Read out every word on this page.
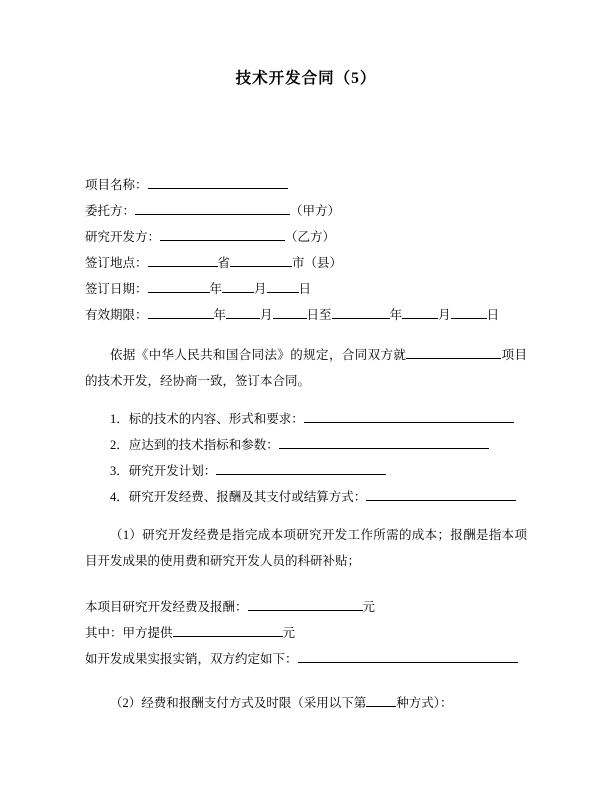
技术开发合同（5）
项目名称：
委托方：	（甲方）
研究开发方：	（乙方）
签订地点：	省	市（县）
签订日期：	年	月	日
有效期限：	年	月	日至	年	月	日

依据《中华人民共和国合同法》的规定，合同双方就	项目的技术开发，经协商一致，签订本合同。

1．标的技术的内容、形式和要求：
2．应达到的技术指标和参数：
3．研究开发计划：
4．研究开发经费、报酬及其支付或结算方式：

（1）研究开发经费是指完成本项研究开发工作所需的成本；报酬是指本项目开发成果的使用费和研究开发人员的科研补贴；

本项目研究开发经费及报酬：	元
其中：甲方提供	元
如开发成果实报实销，双方约定如下：

（2）经费和报酬支付方式及时限（采用以下第 种方式）：
